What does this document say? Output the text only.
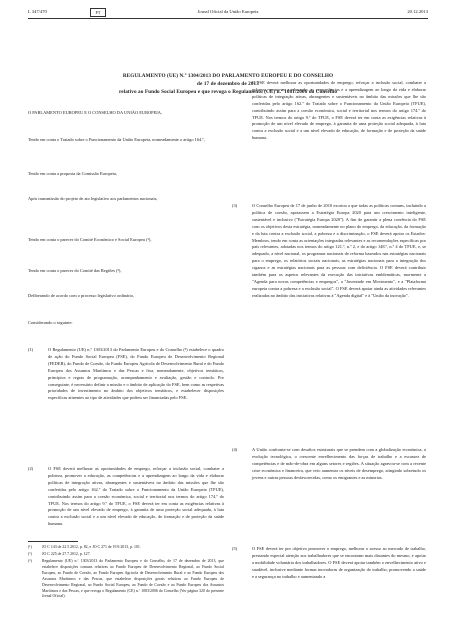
L 347/470	PT	Jornal Oficial da União Europeia	20.12.2013
REGULAMENTO (UE) N.º 1304/2013 DO PARLAMENTO EUROPEU E DO CONSELHO
de 17 de dezembro de 2013
relativo ao Fundo Social Europeu e que revoga o Regulamento (CE) n.º 1081/2006 do Conselho

O PARLAMENTO EUROPEU E O CONSELHO DA UNIÃO EUROPEIA,

Tendo em conta o Tratado sobre o Funcionamento da União Europeia, nomeadamente o artigo 164.º,

Tendo em conta a proposta da Comissão Europeia,

Após transmissão do projeto de ato legislativo aos parlamentos nacionais,

Tendo em conta o parecer do Comité Económico e Social Europeu (¹),

Tendo em conta o parecer do Comité das Regiões (²),

Deliberando de acordo com o processo legislativo ordinário,

Considerando o seguinte:

(1)	O Regulamento (UE) n.º 1303/2013 do Parlamento Europeu e do Conselho (³) estabelece o quadro de ação do Fundo Social Europeu (FSE), do Fundo Europeu de Desenvolvimento Regional (FEDER), do Fundo de Coesão, do Fundo Europeu Agrícola de Desenvolvimento Rural e do Fundo Europeu dos Assuntos Marítimos e das Pescas e fixa, nomeadamente, objetivos temáticos, princípios e regras de programação, acompanhamento e avaliação, gestão e controlo. Por conseguinte, é necessário definir a missão e o âmbito de aplicação do FSE, bem como as respetivas prioridades de investimento no âmbito dos objetivos temáticos, e estabelecer disposições específicas atinentes ao tipo de atividades que podem ser financiadas pelo FSE.
(2)	O FSE deverá melhorar as oportunidades de emprego, reforçar a inclusão social, combater a pobreza, promover a educação, as competências e a aprendizagem ao longo da vida e elaborar políticas de integração ativas, abrangentes e sustentáveis no âmbito das missões que lhe são conferidas pelo artigo 162.º do Tratado sobre o Funcionamento da União Europeia (TFUE), contribuindo assim para a coesão económica, social e territorial nos termos do artigo 174.º do TFUE. Nos termos do artigo 9.º do TFUE, o FSE deverá ter em conta as exigências relativas à promoção de um nível elevado de emprego, à garantia de uma proteção social adequada, à luta contra a exclusão social e a um nível elevado de educação, de formação e de proteção da saúde humana.
O FSE deverá melhorar as oportunidades de emprego, reforçar a inclusão social, combater a pobreza, promover a educação, as competências e a aprendizagem ao longo da vida e elaborar políticas de integração ativas, abrangentes e sustentáveis no âmbito das missões que lhe são conferidas pelo artigo 162.º do Tratado sobre o Funcionamento da União Europeia (TFUE), contribuindo assim para a coesão económica, social e territorial nos termos do artigo 174.º do TFUE. Nos termos do artigo 9.º do TFUE, o FSE deverá ter em conta as exigências relativas à promoção de um nível elevado de emprego, à garantia de uma proteção social adequada, à luta contra a exclusão social e a um nível elevado de educação, de formação e de proteção da saúde humana.
(3)	O Conselho Europeu de 17 de junho de 2010 exortou a que todas as políticas comuns, incluindo a política de coesão, apoiassem a Estratégia Europa 2020 para um crescimento inteligente, sustentável e inclusivo ("Estratégia Europa 2020"). A fim de garantir a plena coerência do FSE com os objetivos desta estratégia, nomeadamente no plano do emprego, da educação, da formação e da luta contra a exclusão social, a pobreza e a discriminação, o FSE deverá apoiar os Estados-Membros, tendo em conta as orientações integradas relevantes e as recomendações específicas por país relevantes, adotadas nos termos do artigo 121.º, n.º 2, e do artigo 148.º, n.º 4 do TFUE, e, se adequado, a nível nacional, os programas nacionais de reforma baseados nas estratégias nacionais para o emprego, os relatórios sociais nacionais, as estratégias nacionais para a integração dos ciganos e as estratégias nacionais para as pessoas com deficiência. O FSE deverá contribuir também para os aspetos relevantes da execução das iniciativas emblemáticas, mormente a "Agenda para novas competências e empregos", a "Juventude em Movimento", e a "Plataforma europeia contra a pobreza e a exclusão social". O FSE deverá apoiar ainda as atividades relevantes realizadas no âmbito das iniciativas relativas à "Agenda digital" e à "União da inovação".
(4)	A União confronta-se com desafios estruturais que se prendem com a globalização económica, a evolução tecnológica, o crescente envelhecimento das forças de trabalho e a escassez de competências e de mão-de-obra em alguns setores e regiões. A situação agravou-se com a recente crise económica e financeira, que veio aumentar os níveis de desemprego, atingindo sobretudo os jovens e outras pessoas desfavorecidas, como os emigrantes e as minorias.
(5)	O FSE deverá ter por objetivo promover o emprego, melhorar o acesso ao mercado de trabalho, prestando especial atenção aos trabalhadores que se encontram mais distantes do mesmo, e apoiar a mobilidade voluntária dos trabalhadores. O FSE deverá apoiar também o envelhecimento ativo e saudável, inclusive mediante formas inovadoras de organização do trabalho, promovendo a saúde e a segurança no trabalho e aumentando a
(¹)	JO C 143 de 22.5.2012, p. 82, e JO C 271 de 19.9.2013, p. 101.
(²)	JO C 225 de 27.7.2012, p. 127.
(³)	Regulamento (UE) n.º 1303/2013 do Parlamento Europeu e do Conselho, de 17 de dezembro de 2013, que estabelece disposições comuns relativas ao Fundo Europeu de Desenvolvimento Regional, ao Fundo Social Europeu, ao Fundo de Coesão, ao Fundo Europeu Agrícola de Desenvolvimento Rural e ao Fundo Europeu dos Assuntos Marítimos e das Pescas, que estabelece disposições gerais relativas ao Fundo Europeu de Desenvolvimento Regional, ao Fundo Social Europeu, ao Fundo de Coesão e ao Fundo Europeu dos Assuntos Marítimos e das Pescas, e que revoga o Regulamento (CE) n.º 1083/2006 do Conselho (Ver página 320 do presente Jornal Oficial).
